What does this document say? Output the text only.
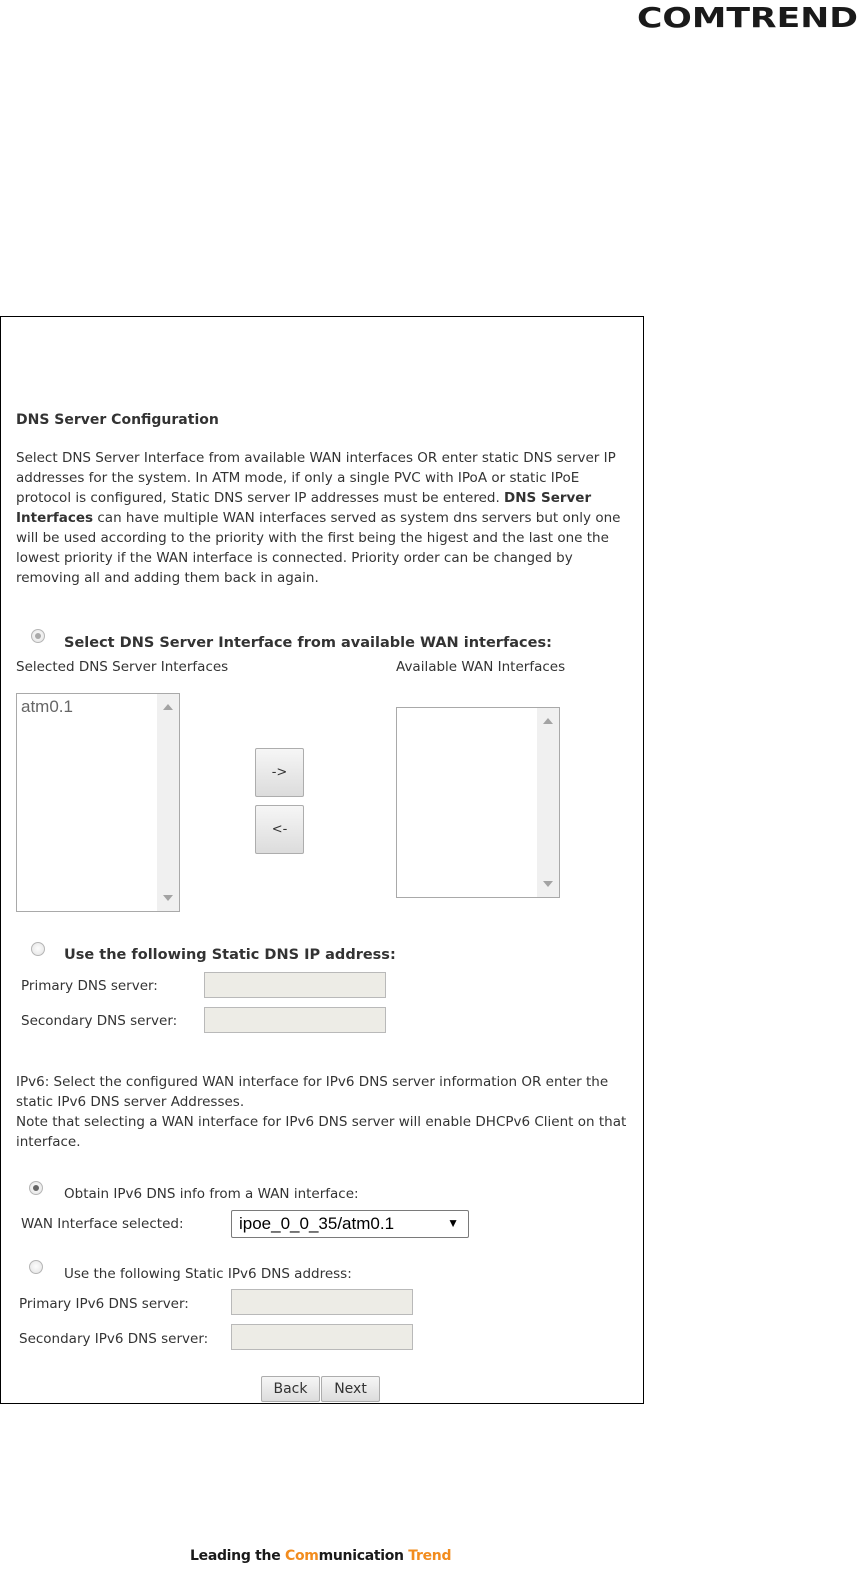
COMTREND
DNS Server Configuration
Select DNS Server Interface from available WAN interfaces OR enter static DNS server IP addresses for the system. In ATM mode, if only a single PVC with IPoA or static IPoE protocol is configured, Static DNS server IP addresses must be entered. DNS Server Interfaces can have multiple WAN interfaces served as system dns servers but only one will be used according to the priority with the first being the higest and the last one the lowest priority if the WAN interface is connected. Priority order can be changed by removing all and adding them back in again.
Select DNS Server Interface from available WAN interfaces:
Selected DNS Server Interfaces	Available WAN Interfaces
atm0.1
->
<-
Use the following Static DNS IP address:
Primary DNS server:
Secondary DNS server:
IPv6: Select the configured WAN interface for IPv6 DNS server information OR enter the static IPv6 DNS server Addresses.
Note that selecting a WAN interface for IPv6 DNS server will enable DHCPv6 Client on that interface.
Obtain IPv6 DNS info from a WAN interface:
WAN Interface selected:	ipoe_0_0_35/atm0.1	▼
Use the following Static IPv6 DNS address:
Primary IPv6 DNS server:
Secondary IPv6 DNS server:
Back	Next
Leading the Communication Trend
